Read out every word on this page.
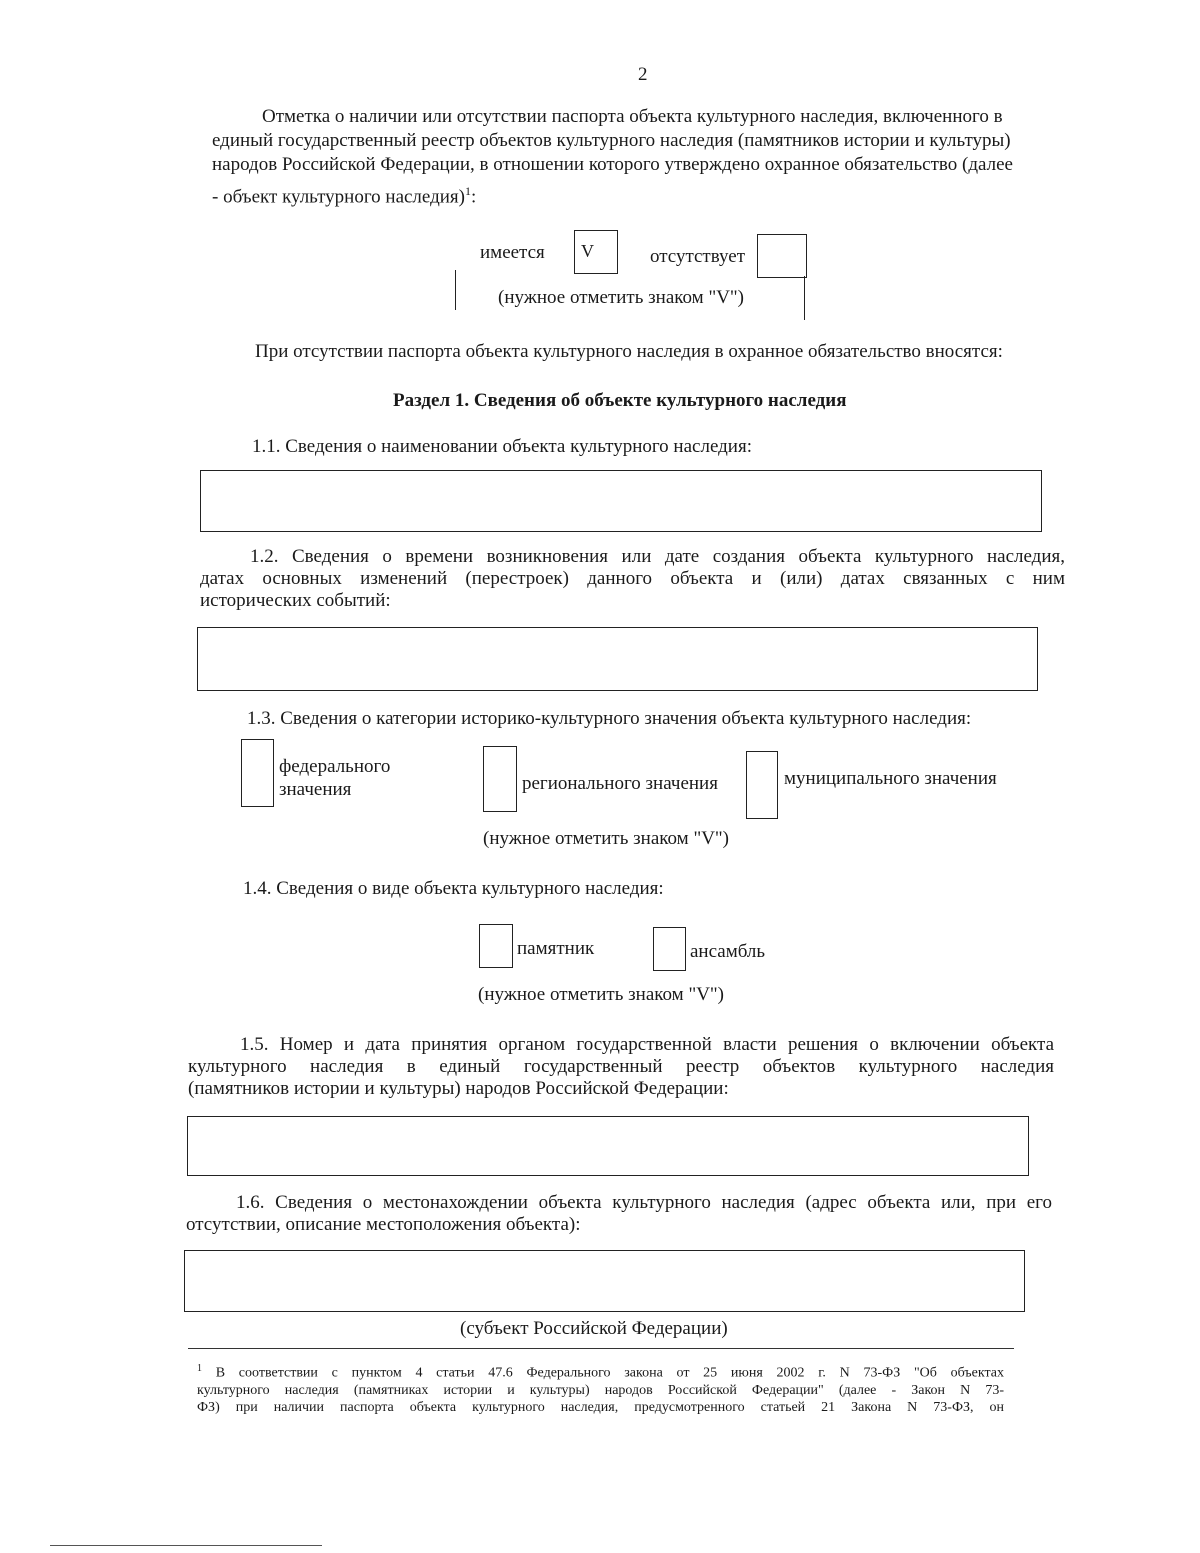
2
Отметка о наличии или отсутствии паспорта объекта культурного наследия, включенного в
единый государственный реестр объектов культурного наследия (памятников истории и культуры)
народов Российской Федерации, в отношении которого утверждено охранное обязательство (далее
- объект культурного наследия)$^1$:
имеется	V	отсутствует
(нужное отметить знаком "V")
При отсутствии паспорта объекта культурного наследия в охранное обязательство вносятся:
Раздел 1. Сведения об объекте культурного наследия
1.1. Сведения о наименовании объекта культурного наследия:
1.2. Сведения о времени возникновения или дате создания объекта культурного наследия,
датах основных изменений (перестроек) данного объекта и (или) датах связанных с ним
исторических событий:
1.3. Сведения о категории историко-культурного значения объекта культурного наследия:
федерального
значения	регионального значения	муниципального значения
(нужное отметить знаком "V")
1.4. Сведения о виде объекта культурного наследия:
памятник	ансамбль
(нужное отметить знаком "V")
1.5. Номер и дата принятия органом государственной власти решения о включении объекта
культурного наследия в единый государственный реестр объектов культурного наследия
(памятников истории и культуры) народов Российской Федерации:
1.6. Сведения о местонахождении объекта культурного наследия (адрес объекта или, при его
отсутствии, описание местоположения объекта):
(субъект Российской Федерации)
$^1$ В соответствии с пунктом 4 статьи 47.6 Федерального закона от 25 июня 2002 г. N 73-ФЗ "Об объектах
культурного наследия (памятниках истории и культуры) народов Российской Федерации" (далее - Закон N 73-
ФЗ) при наличии паспорта объекта культурного наследия, предусмотренного статьей 21 Закона N 73-ФЗ, он
